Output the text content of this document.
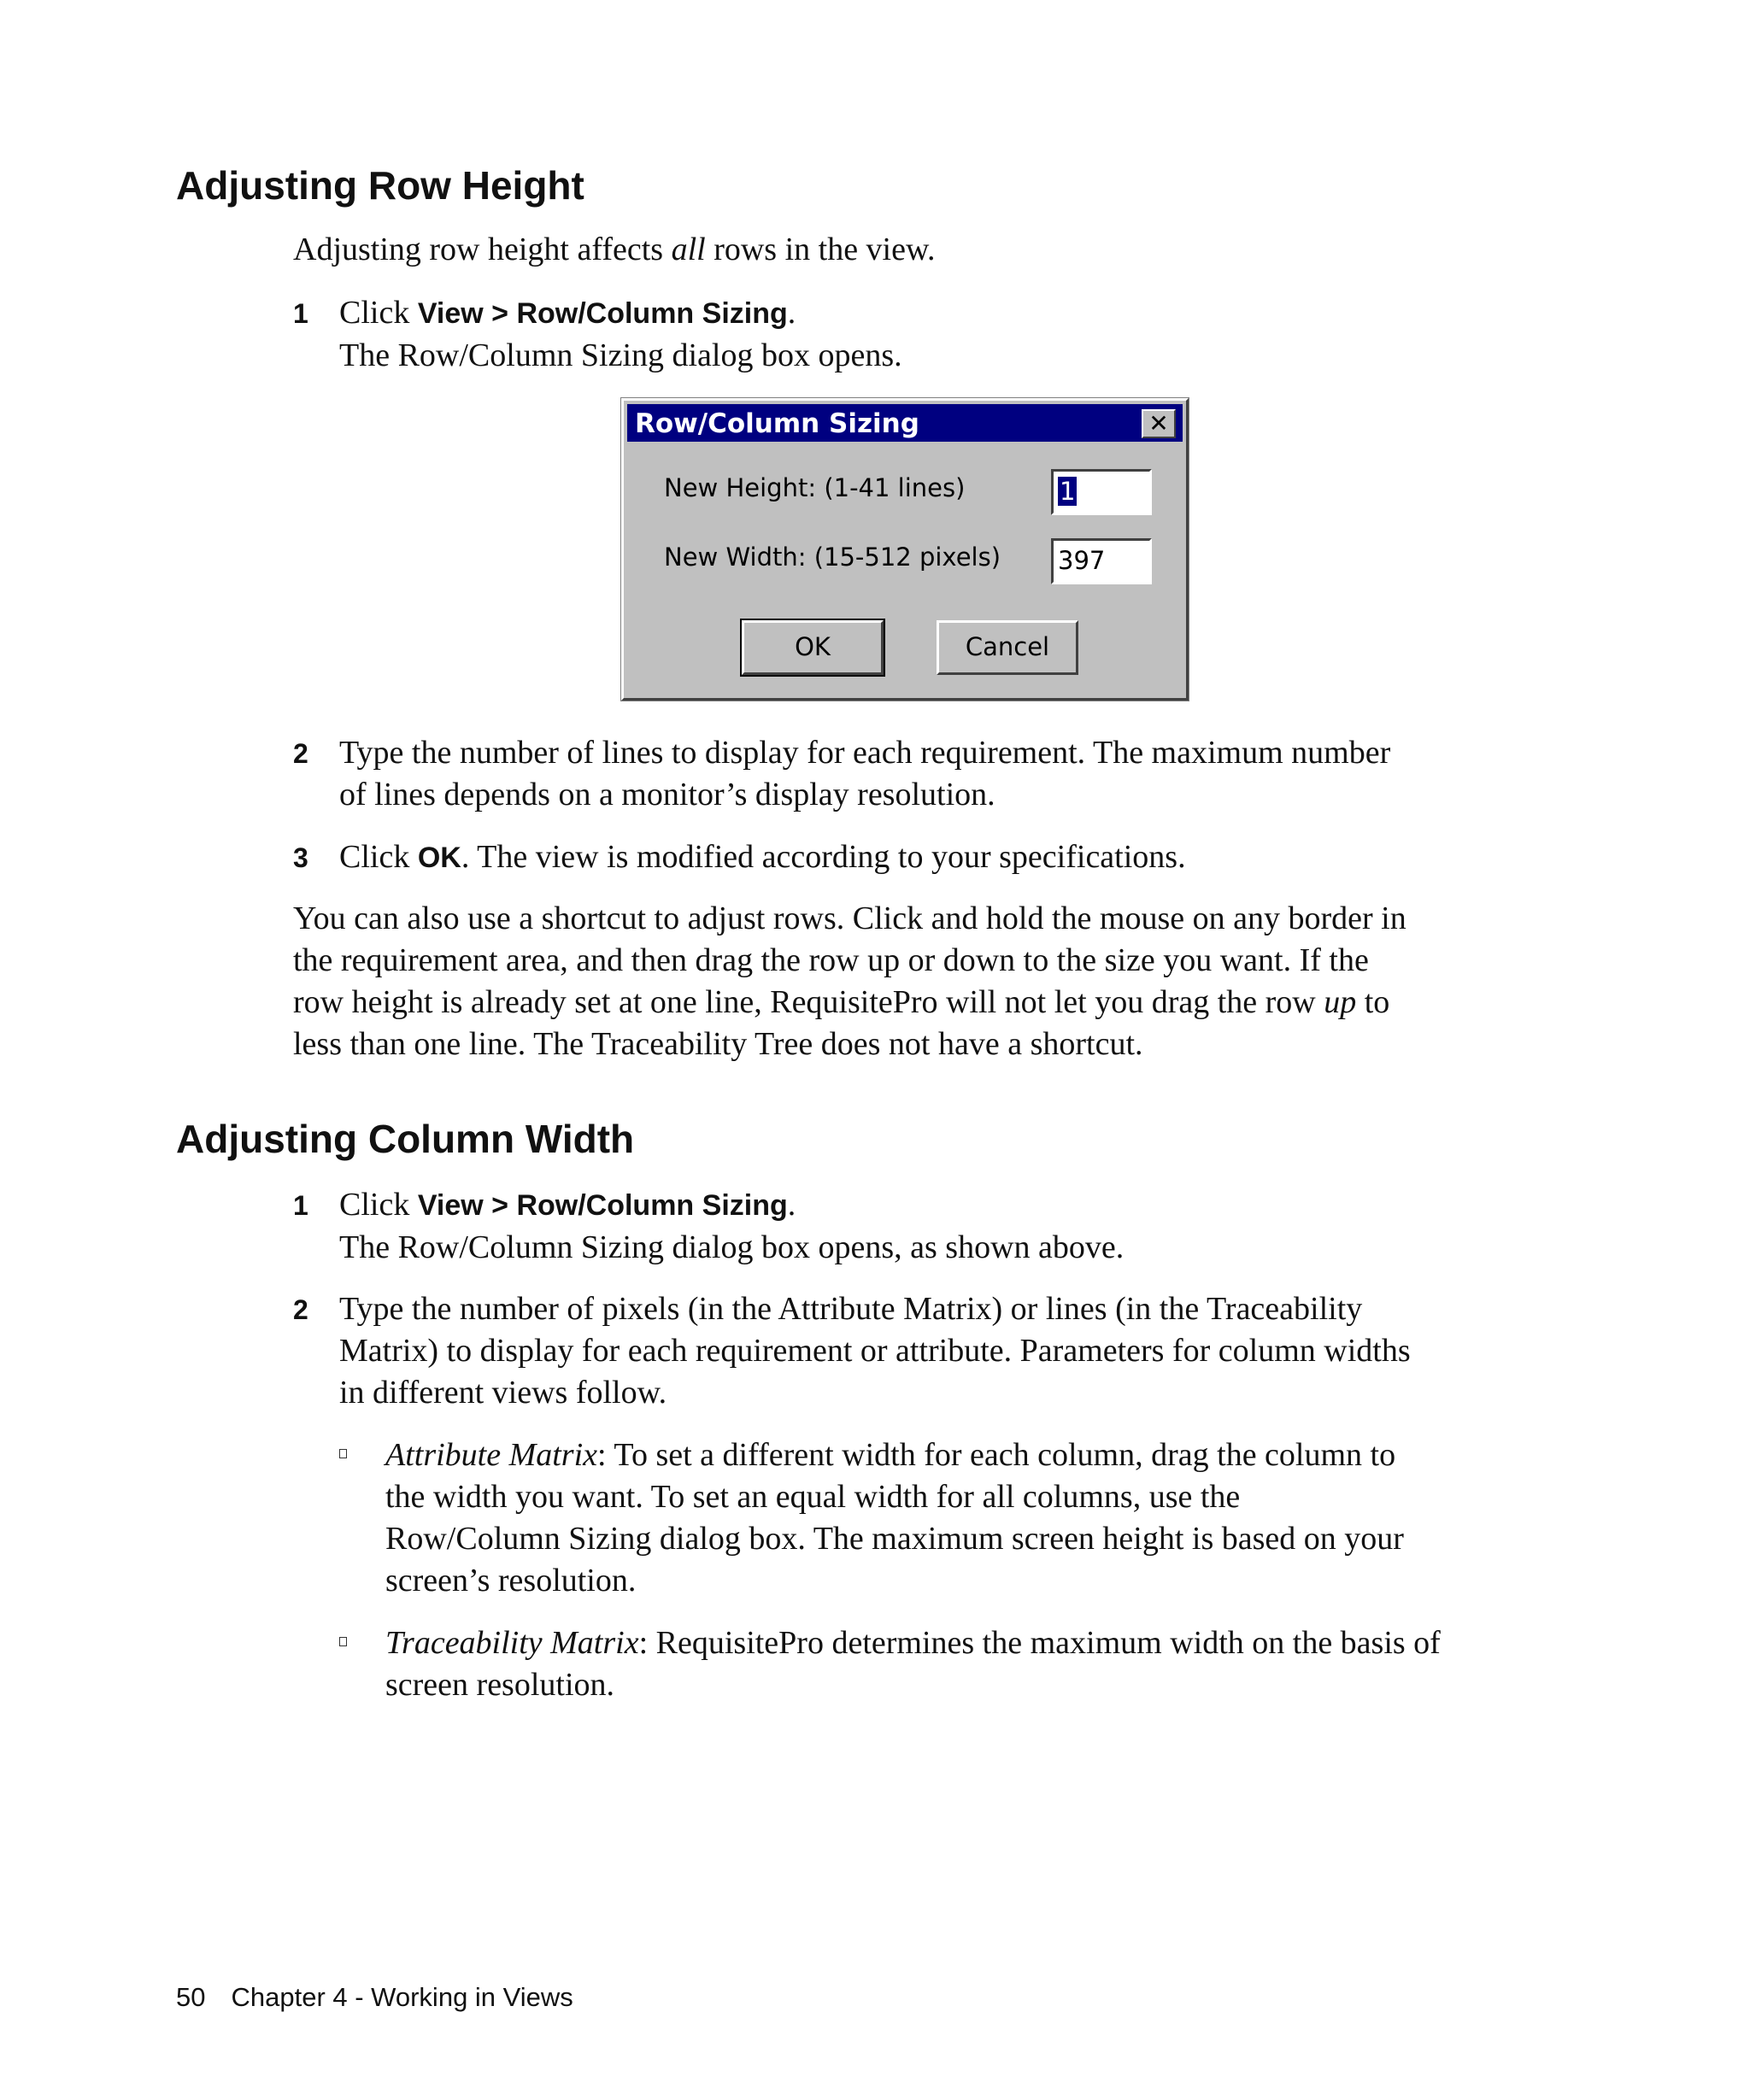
Adjusting Row Height

Adjusting row height affects all rows in the view.

1 Click View > Row/Column Sizing.
The Row/Column Sizing dialog box opens.
Row/Column Sizing	✕
New Height: (1-41 lines)	1
New Width: (15-512 pixels) 397
OK	Cancel
2 Type the number of lines to display for each requirement. The maximum number
of lines depends on a monitor’s display resolution.
3 Click OK. The view is modified according to your specifications.
You can also use a shortcut to adjust rows. Click and hold the mouse on any border in
the requirement area, and then drag the row up or down to the size you want. If the
row height is already set at one line, RequisitePro will not let you drag the row up to
less than one line. The Traceability Tree does not have a shortcut.
Adjusting Column Width
1 Click View > Row/Column Sizing.
The Row/Column Sizing dialog box opens, as shown above.
2 Type the number of pixels (in the Attribute Matrix) or lines (in the Traceability
Matrix) to display for each requirement or attribute. Parameters for column widths
in different views follow.
Attribute Matrix: To set a different width for each column, drag the column to
the width you want. To set an equal width for all columns, use the
Row/Column Sizing dialog box. The maximum screen height is based on your
screen’s resolution.
Traceability Matrix: RequisitePro determines the maximum width on the basis of
screen resolution.
50 Chapter 4 - Working in Views
